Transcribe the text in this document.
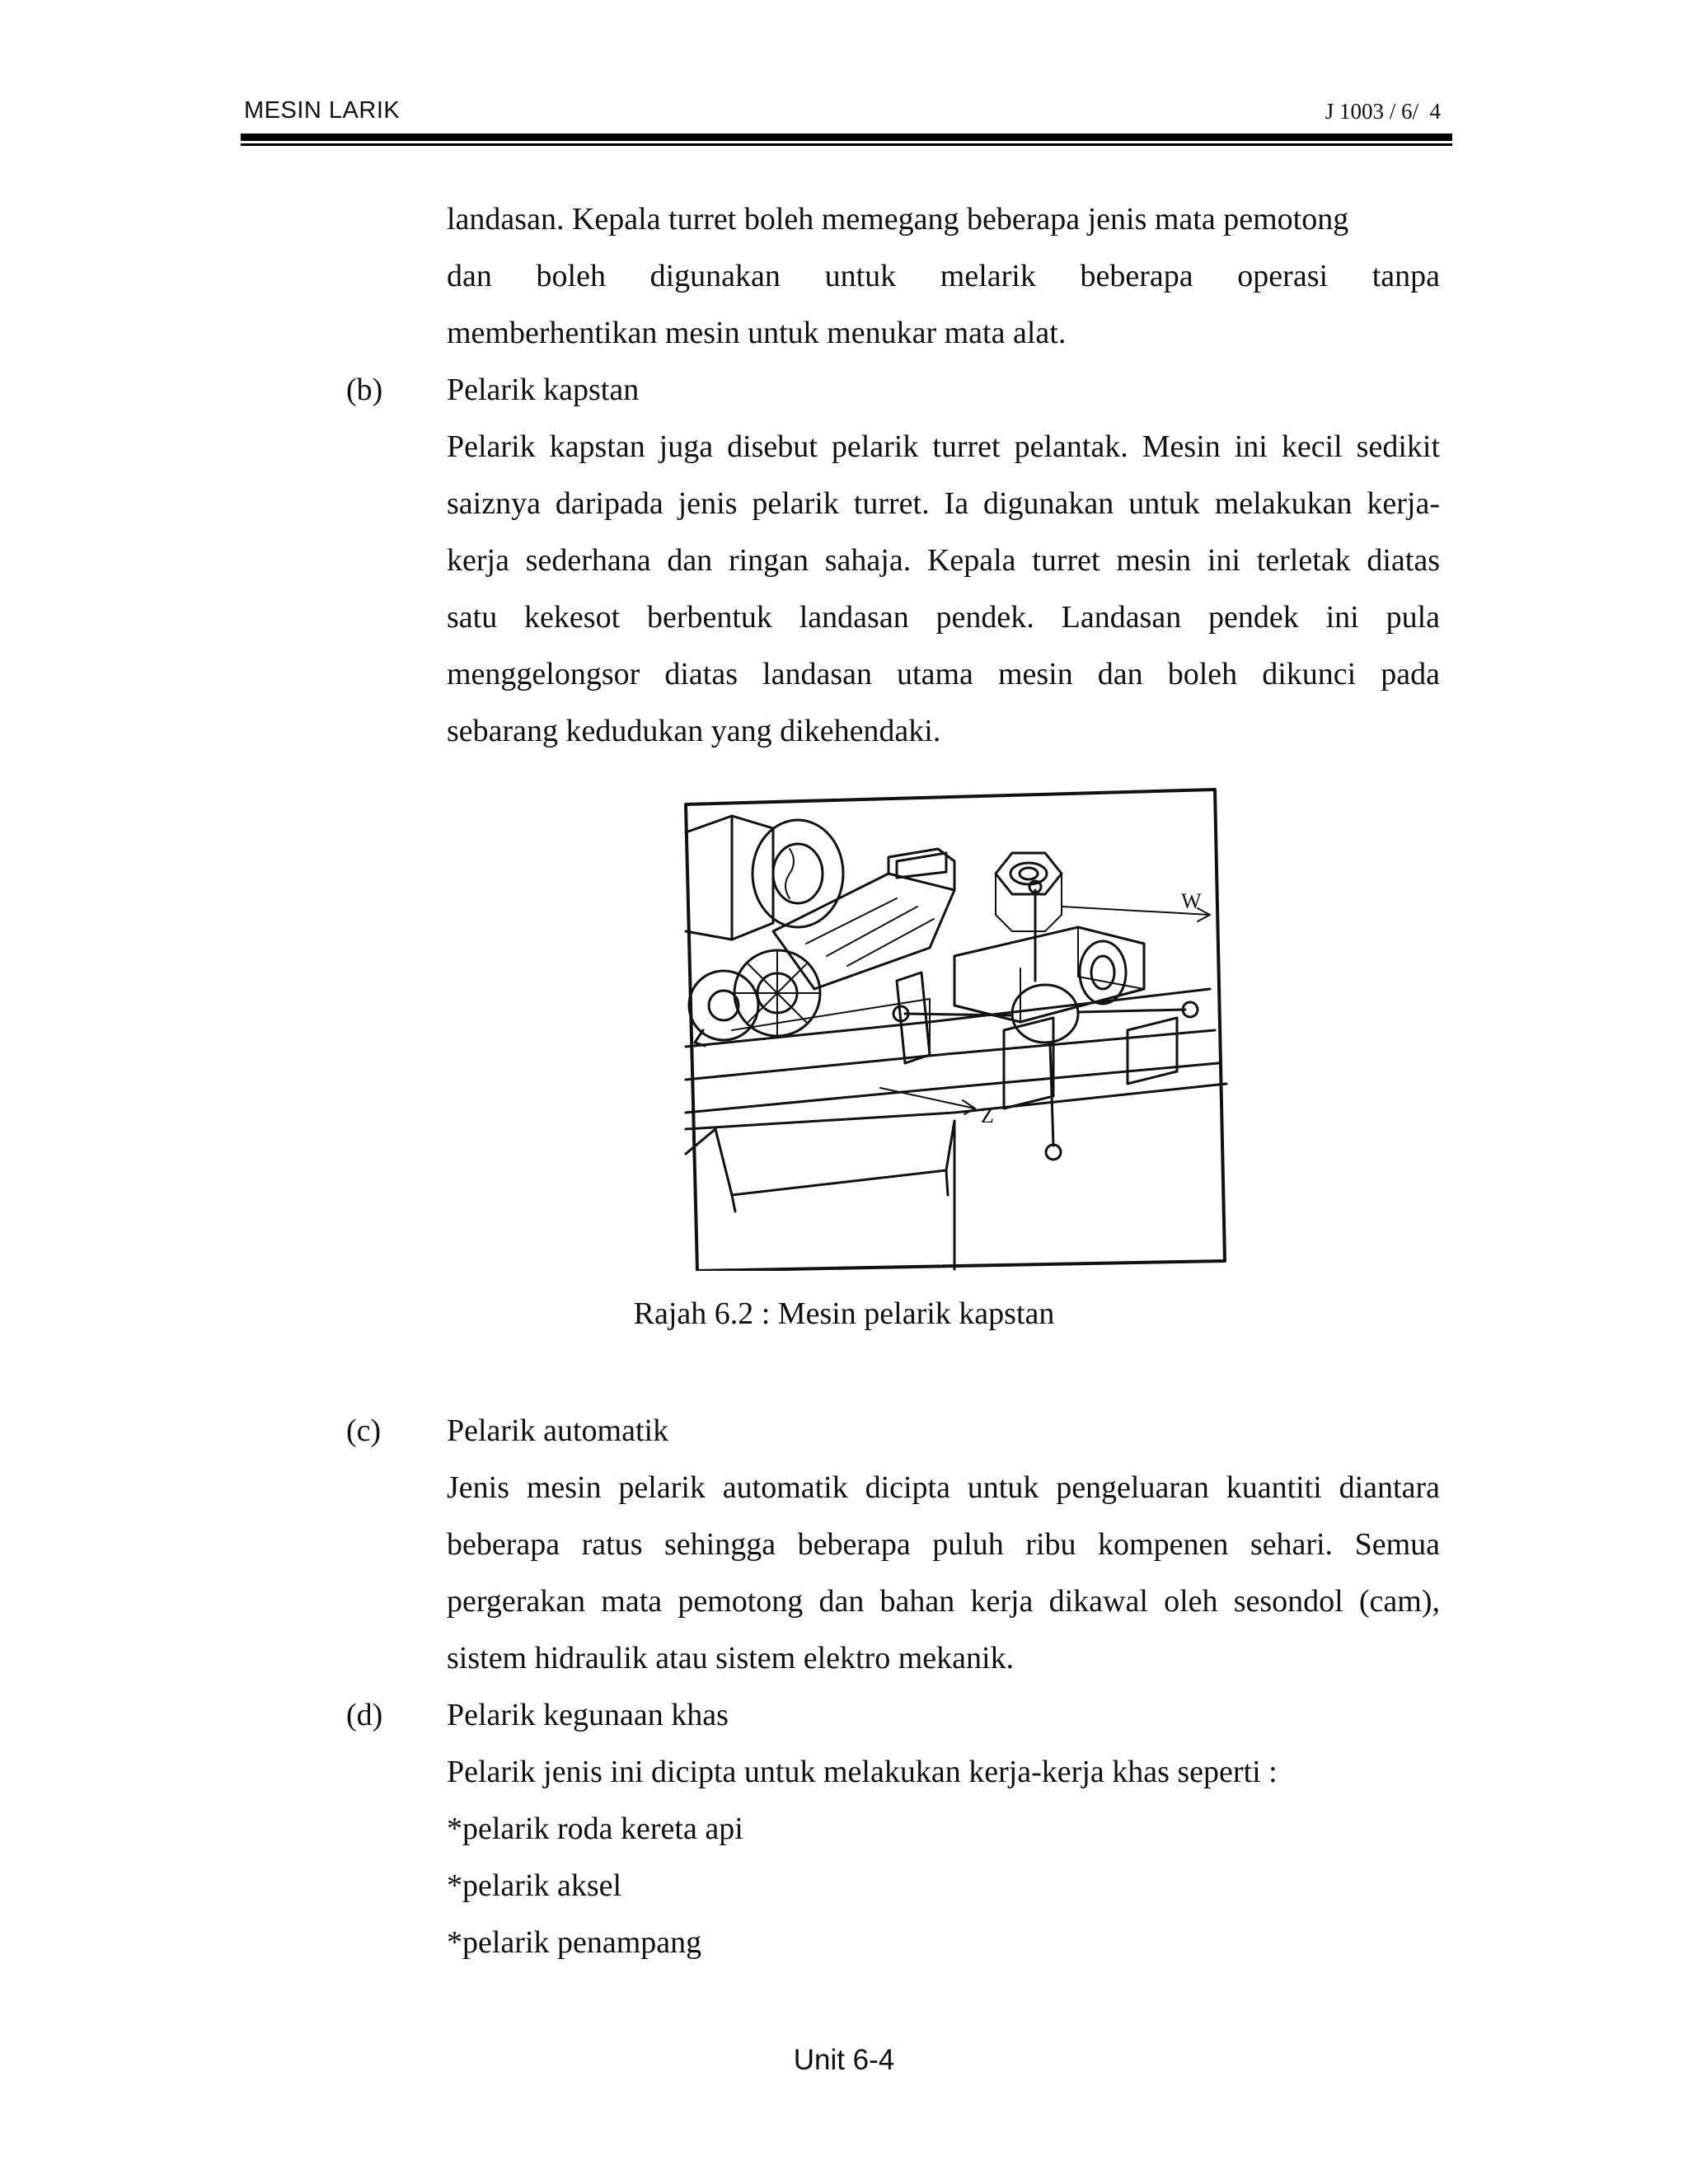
MESIN LARIK	J 1003 / 6/  4
landasan. Kepala turret boleh memegang beberapa jenis mata pemotong
dan boleh digunakan untuk melarik beberapa operasi tanpa
memberhentikan mesin untuk menukar mata alat.
(b) Pelarik kapstan
Pelarik kapstan juga disebut pelarik turret pelantak. Mesin ini kecil sedikit
saiznya daripada jenis pelarik turret. Ia digunakan untuk melakukan kerja-
kerja sederhana dan ringan sahaja. Kepala turret mesin ini terletak diatas
satu kekesot berbentuk landasan pendek. Landasan pendek ini pula
menggelongsor diatas landasan utama mesin dan boleh dikunci pada
sebarang kedudukan yang dikehendaki.
W
Z
Rajah 6.2 : Mesin pelarik kapstan
(c) Pelarik automatik
Jenis mesin pelarik automatik dicipta untuk pengeluaran kuantiti diantara
beberapa ratus sehingga beberapa puluh ribu kompenen sehari. Semua
pergerakan mata pemotong dan bahan kerja dikawal oleh sesondol (cam),
sistem hidraulik atau sistem elektro mekanik.
(d) Pelarik kegunaan khas
Pelarik jenis ini dicipta untuk melakukan kerja-kerja khas seperti :
*pelarik roda kereta api
*pelarik aksel
*pelarik penampang
Unit 6-4
